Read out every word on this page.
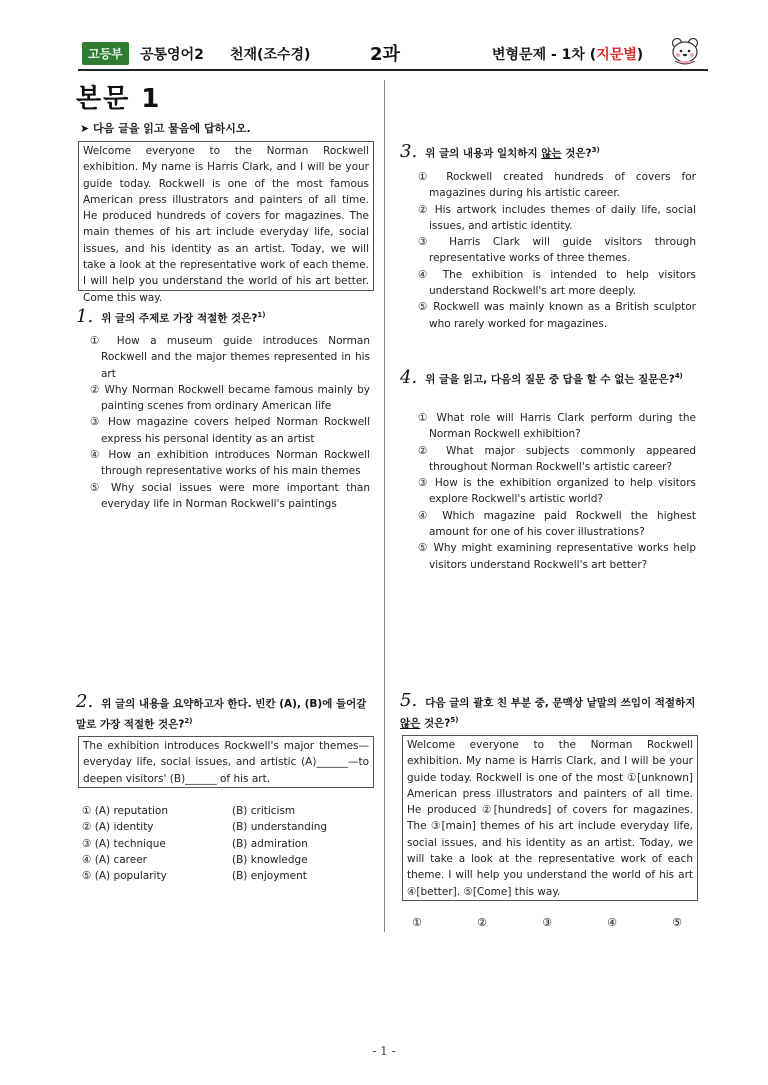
고등부	공통영어2 천재(조수경)	2과	변형문제 - 1차 (지문별)
본문 1
➤ 다음 글을 읽고 물음에 답하시오.
Welcome everyone to the Norman Rockwell exhibition. My name is Harris Clark, and I will be your guide today. Rockwell is one of the most famous American press illustrators and painters of all time. He produced hundreds of covers for magazines. The main themes of his art include everyday life, social issues, and his identity as an artist. Today, we will take a look at the representative work of each theme. I will help you understand the world of his art better. Come this way.
1. 위 글의 주제로 가장 적절한 것은?$^{1)}$
① How a museum guide introduces Norman Rockwell and the major themes represented in his art
② Why Norman Rockwell became famous mainly by painting scenes from ordinary American life
③ How magazine covers helped Norman Rockwell express his personal identity as an artist
④ How an exhibition introduces Norman Rockwell through representative works of his main themes
⑤ Why social issues were more important than everyday life in Norman Rockwell's paintings
2. 위 글의 내용을 요약하고자 한다. 빈칸 (A), (B)에 들어갈 말로 가장 적절한 것은?$^{2)}$
The exhibition introduces Rockwell's major themes—everyday life, social issues, and artistic (A)______—to deepen visitors' (B)______ of his art.
① (A) reputation	(B) criticism
② (A) identity	(B) understanding
③ (A) technique	(B) admiration
④ (A) career	(B) knowledge
⑤ (A) popularity	(B) enjoyment
3. 위 글의 내용과 일치하지 않는 것은?$^{3)}$
① Rockwell created hundreds of covers for magazines during his artistic career.
② His artwork includes themes of daily life, social issues, and artistic identity.
③ Harris Clark will guide visitors through representative works of three themes.
④ The exhibition is intended to help visitors understand Rockwell's art more deeply.
⑤ Rockwell was mainly known as a British sculptor who rarely worked for magazines.
4. 위 글을 읽고, 다음의 질문 중 답을 할 수 없는 질문은?$^{4)}$
① What role will Harris Clark perform during the Norman Rockwell exhibition?
② What major subjects commonly appeared throughout Norman Rockwell's artistic career?
③ How is the exhibition organized to help visitors explore Rockwell's artistic world?
④ Which magazine paid Rockwell the highest amount for one of his cover illustrations?
⑤ Why might examining representative works help visitors understand Rockwell's art better?
5. 다음 글의 괄호 친 부분 중, 문맥상 낱말의 쓰임이 적절하지 않은 것은?$^{5)}$
Welcome everyone to the Norman Rockwell exhibition. My name is Harris Clark, and I will be your guide today. Rockwell is one of the most ①[unknown] American press illustrators and painters of all time. He produced ②[hundreds] of covers for magazines. The ③[main] themes of his art include everyday life, social issues, and his identity as an artist. Today, we will take a look at the representative work of each theme. I will help you understand the world of his art ④[better]. ⑤[Come] this way.
①	②	③	④	⑤
- 1 -
